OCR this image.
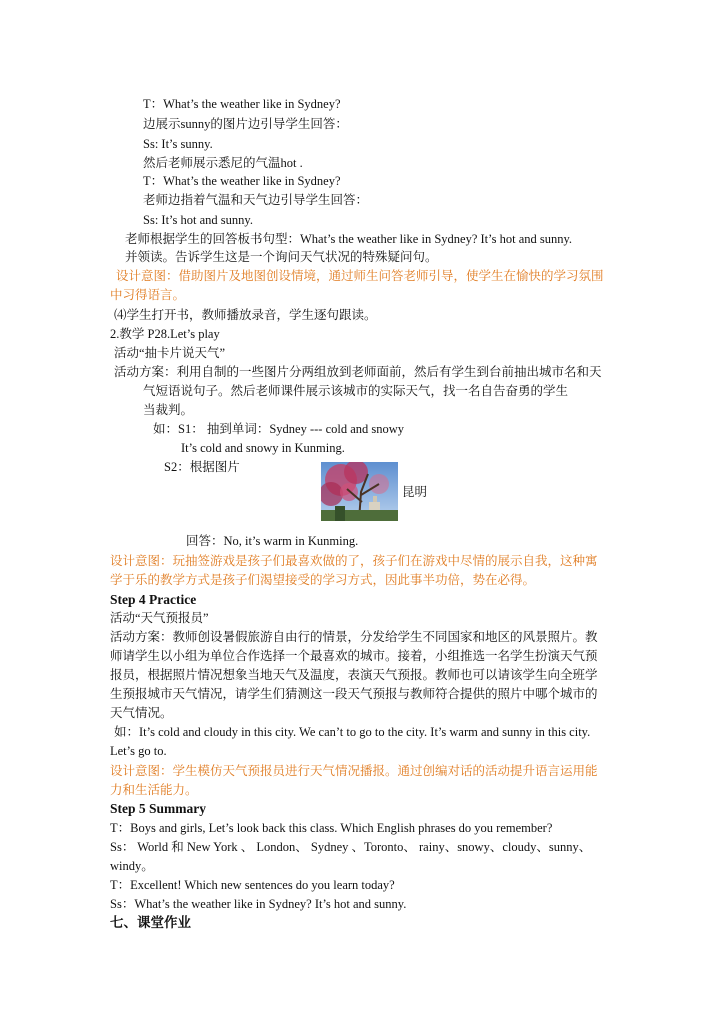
T：What’s the weather like in Sydney?
边展示sunny的图片边引导学生回答：
Ss: It’s sunny.
然后老师展示悉尼的气温hot .
T：What’s the weather like in Sydney?
老师边指着气温和天气边引导学生回答：
Ss: It’s hot and sunny.
老师根据学生的回答板书句型：What’s the weather like in Sydney? It’s hot and sunny.
并领读。告诉学生这是一个询问天气状况的特殊疑问句。
设计意图：借助图片及地图创设情境，通过师生问答老师引导，使学生在愉快的学习氛围
中习得语言。
⑷学生打开书，教师播放录音，学生逐句跟读。
2.教学 P28.Let’s play
活动“抽卡片说天气”
活动方案：利用自制的一些图片分两组放到老师面前，然后有学生到台前抽出城市名和天
气短语说句子。然后老师课件展示该城市的实际天气，找一名自告奋勇的学生
当裁判。
如：S1： 抽到单词：Sydney --- cold and snowy
It’s cold and snowy in Kunming.
S2：根据图片
昆明
回答：No, it’s warm in Kunming.
设计意图：玩抽签游戏是孩子们最喜欢做的了，孩子们在游戏中尽情的展示自我，这种寓
学于乐的教学方式是孩子们渴望接受的学习方式，因此事半功倍，势在必得。
Step 4 Practice
活动“天气预报员”
活动方案：教师创设暑假旅游自由行的情景，分发给学生不同国家和地区的风景照片。教
师请学生以小组为单位合作选择一个最喜欢的城市。接着，小组推选一名学生扮演天气预
报员，根据照片情况想象当地天气及温度，表演天气预报。教师也可以请该学生向全班学
生预报城市天气情况，请学生们猜测这一段天气预报与教师符合提供的照片中哪个城市的
天气情况。
如：It’s cold and cloudy in this city. We can’t to go to the city. It’s warm and sunny in this city.
Let’s go to.
设计意图：学生模仿天气预报员进行天气情况播报。通过创编对话的活动提升语言运用能
力和生活能力。
Step 5 Summary
T：Boys and girls, Let’s look back this class. Which English phrases do you remember?
Ss： World 和 New York 、 London、 Sydney 、Toronto、 rainy、snowy、cloudy、sunny、
windy。
T：Excellent! Which new sentences do you learn today?
Ss：What’s the weather like in Sydney? It’s hot and sunny.
七、课堂作业
